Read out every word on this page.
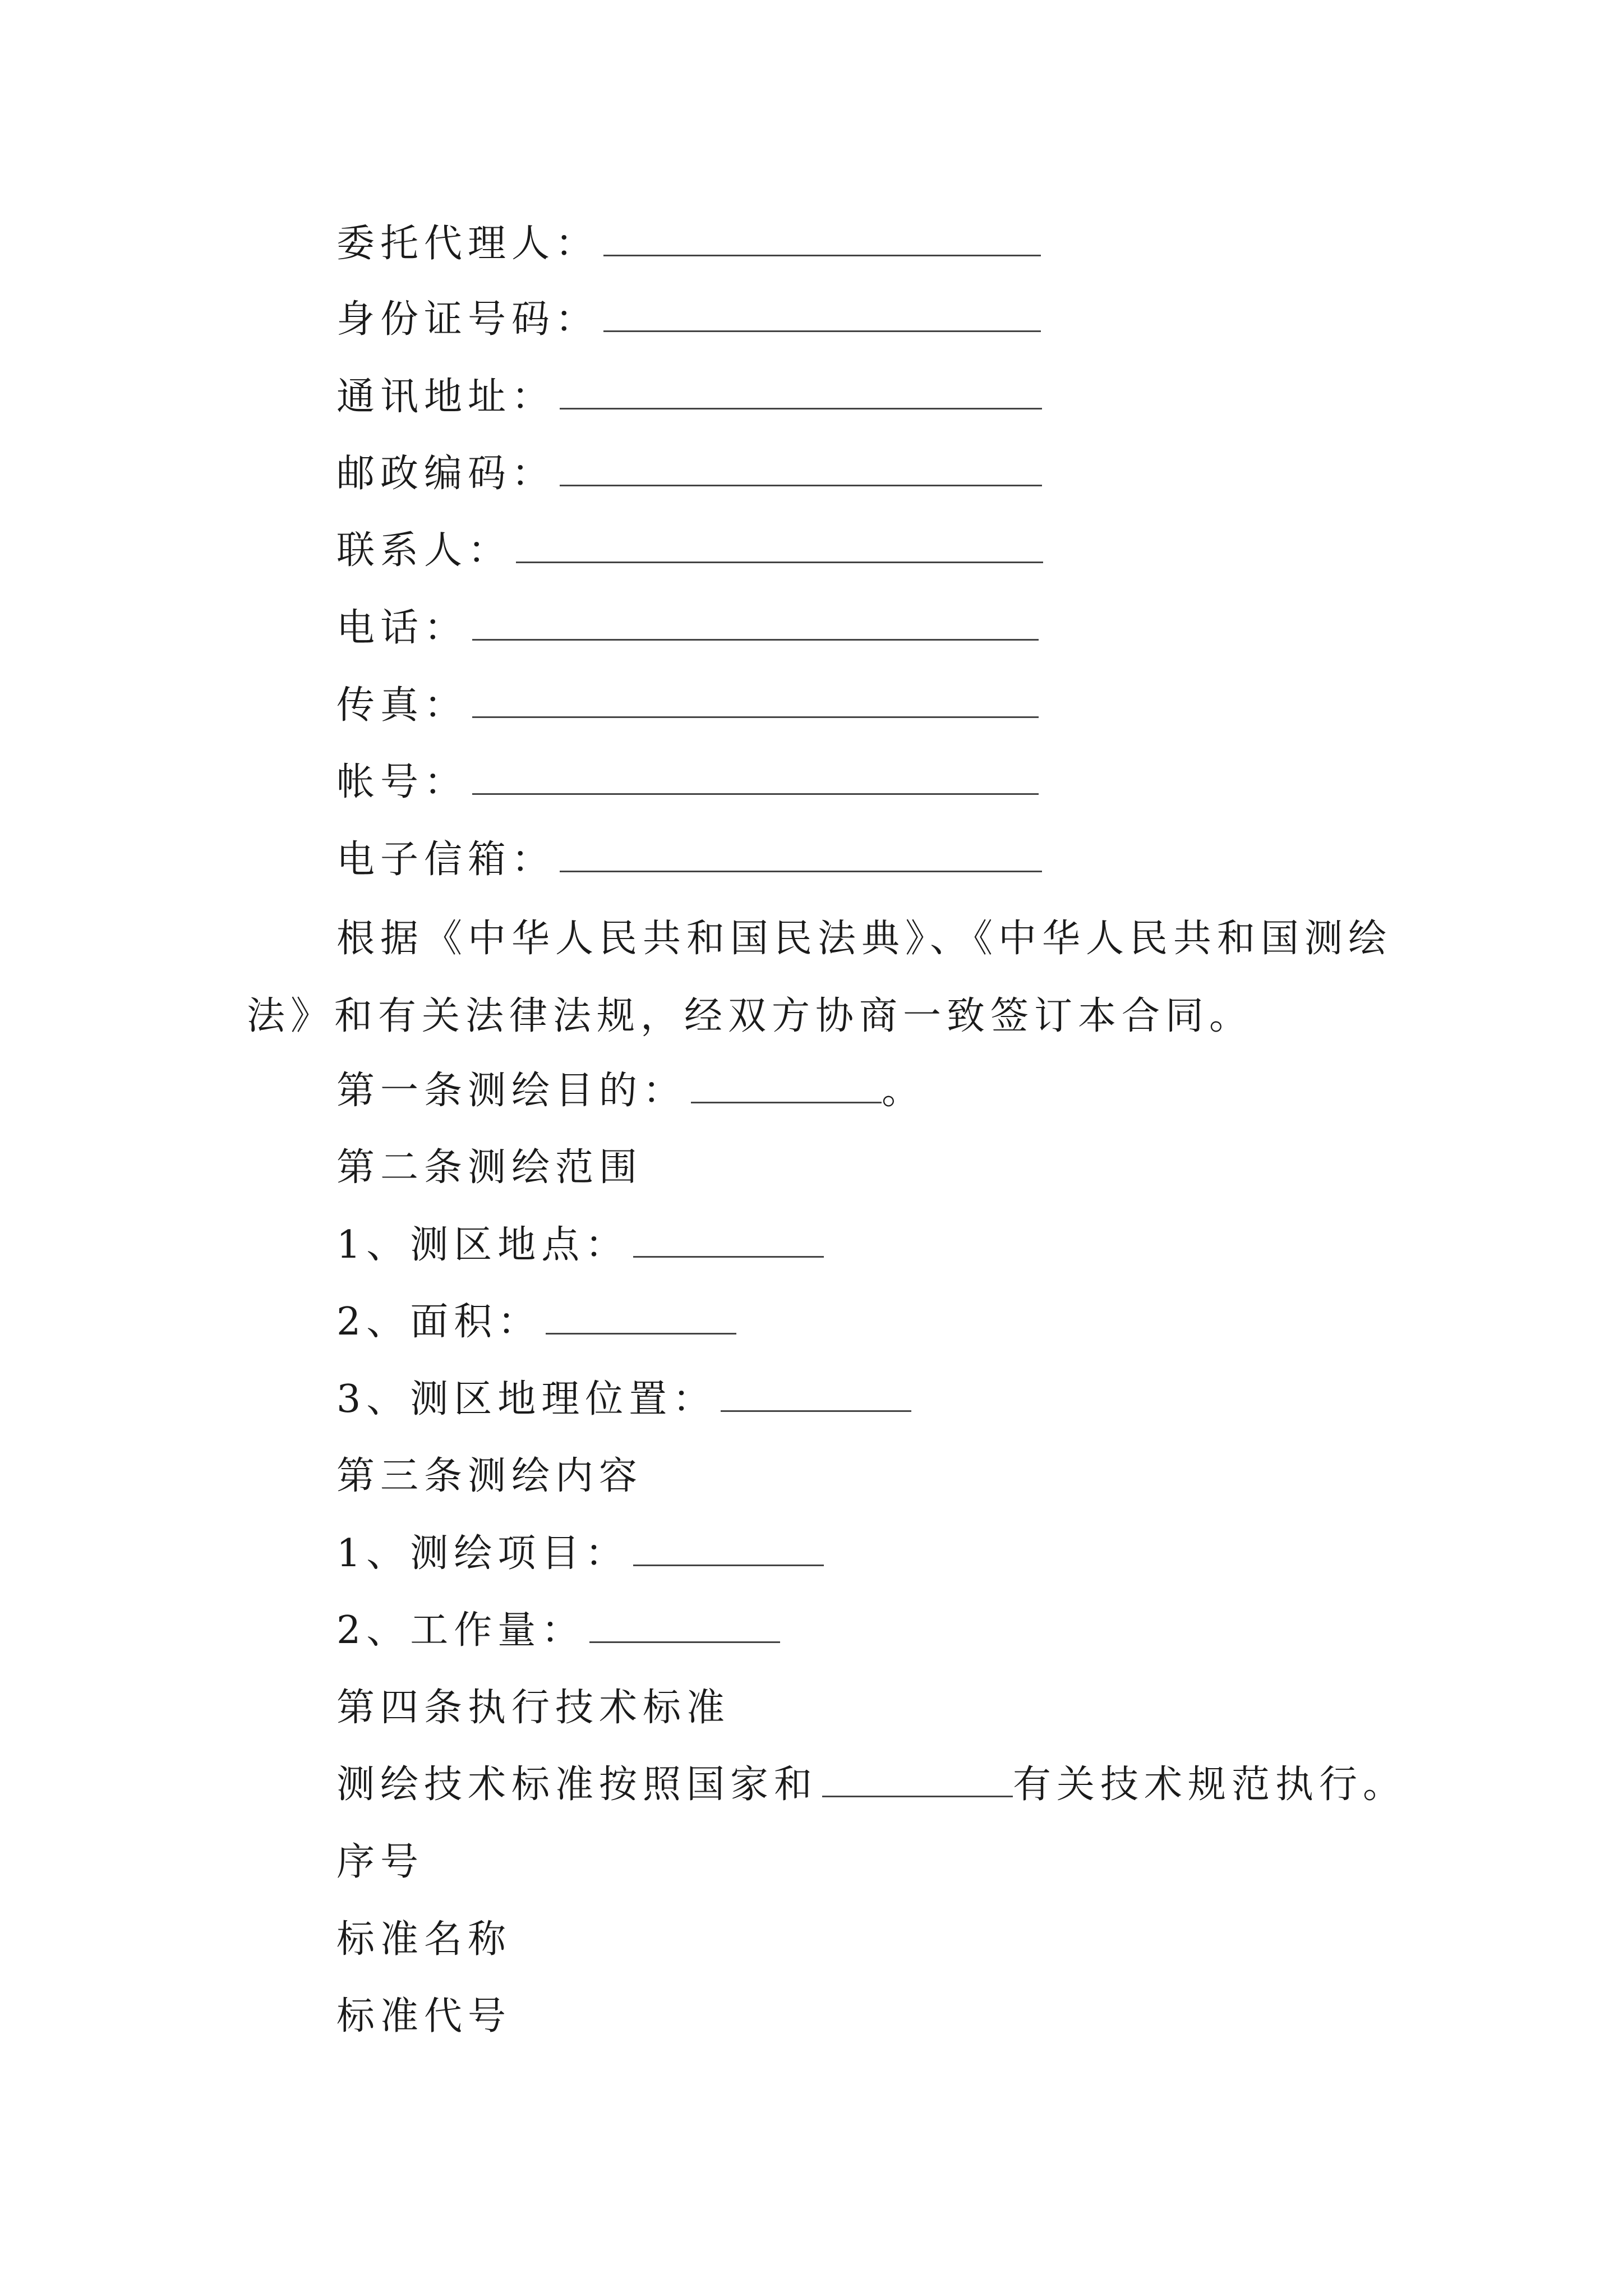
委托代理人：
身份证号码：
通讯地址：
邮政编码：
联系人：
电话：
传真：
帐号：
电子信箱：
根据《中华人民共和国民法典》、《中华人民共和国测绘法》和有关法律法规，经双方协商一致签订本合同。
第一条测绘目的：	。
第二条测绘范围
1、测区地点：
2、面积：
3、测区地理位置：
第三条测绘内容
1、测绘项目：
2、工作量：
第四条执行技术标准
测绘技术标准按照国家和	有关技术规范执行。
序号
标准名称
标准代号
